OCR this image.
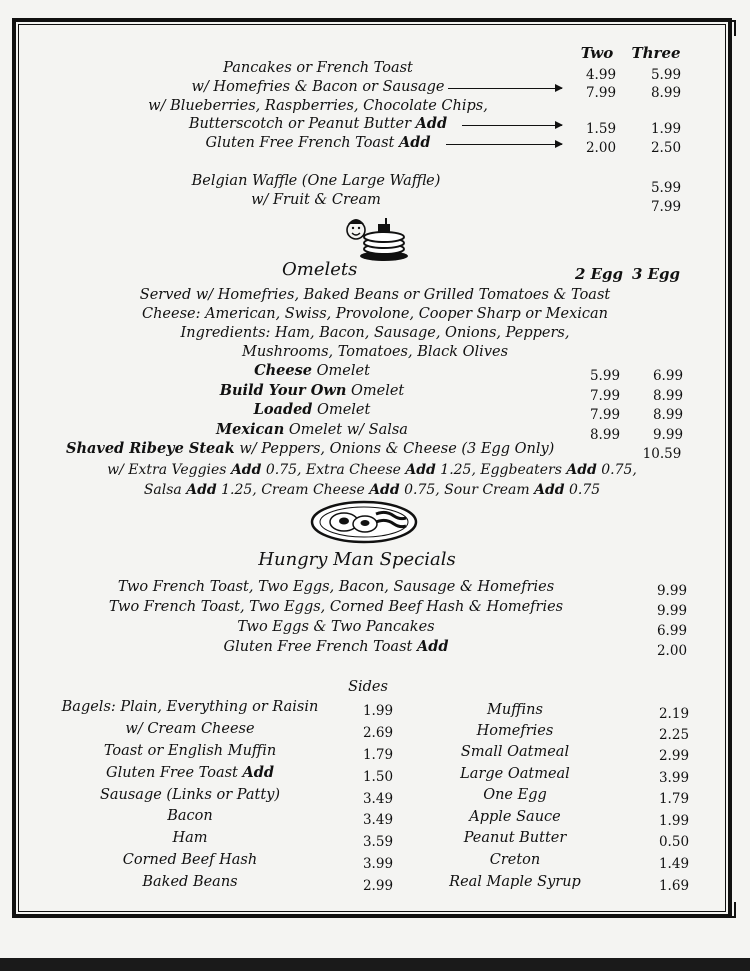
Two Three
Pancakes or French Toast	4.99	5.99
w/ Homefries & Bacon or Sausage	7.99	8.99
w/ Blueberries, Raspberries, Chocolate Chips,
Butterscotch or Peanut Butter Add	1.59	1.99
Gluten Free French Toast Add	2.00	2.50
Belgian Waffle (One Large Waffle)	5.99
w/ Fruit & Cream	7.99
Omelets	2 Egg 3 Egg
Served w/ Homefries, Baked Beans or Grilled Tomatoes & Toast
Cheese: American, Swiss, Provolone, Cooper Sharp or Mexican
Ingredients: Ham, Bacon, Sausage, Onions, Peppers,
Mushrooms, Tomatoes, Black Olives
Cheese Omelet	5.99 6.99
Build Your Own Omelet	7.99 8.99
Loaded Omelet	7.99 8.99
Mexican Omelet w/ Salsa	8.99 9.99
Shaved Ribeye Steak w/ Peppers, Onions & Cheese (3 Egg Only)	10.59
w/ Extra Veggies Add 0.75, Extra Cheese Add 1.25, Eggbeaters Add 0.75,
Salsa Add 1.25, Cream Cheese Add 0.75, Sour Cream Add 0.75
Hungry Man Specials
Two French Toast, Two Eggs, Bacon, Sausage & Homefries	9.99
Two French Toast, Two Eggs, Corned Beef Hash & Homefries	9.99
Two Eggs & Two Pancakes	6.99
Gluten Free French Toast Add	2.00
Sides
Bagels: Plain, Everything or Raisin	1.99
w/ Cream Cheese	2.69
Toast or English Muffin	1.79
Gluten Free Toast Add	1.50
Sausage (Links or Patty)	3.49
Bacon	3.49
Ham	3.59
Corned Beef Hash	3.99
Baked Beans	2.99
Muffins	2.19
Homefries	2.25
Small Oatmeal	2.99
Large Oatmeal	3.99
One Egg	1.79
Apple Sauce	1.99
Peanut Butter	0.50
Creton	1.49
Real Maple Syrup	1.69
